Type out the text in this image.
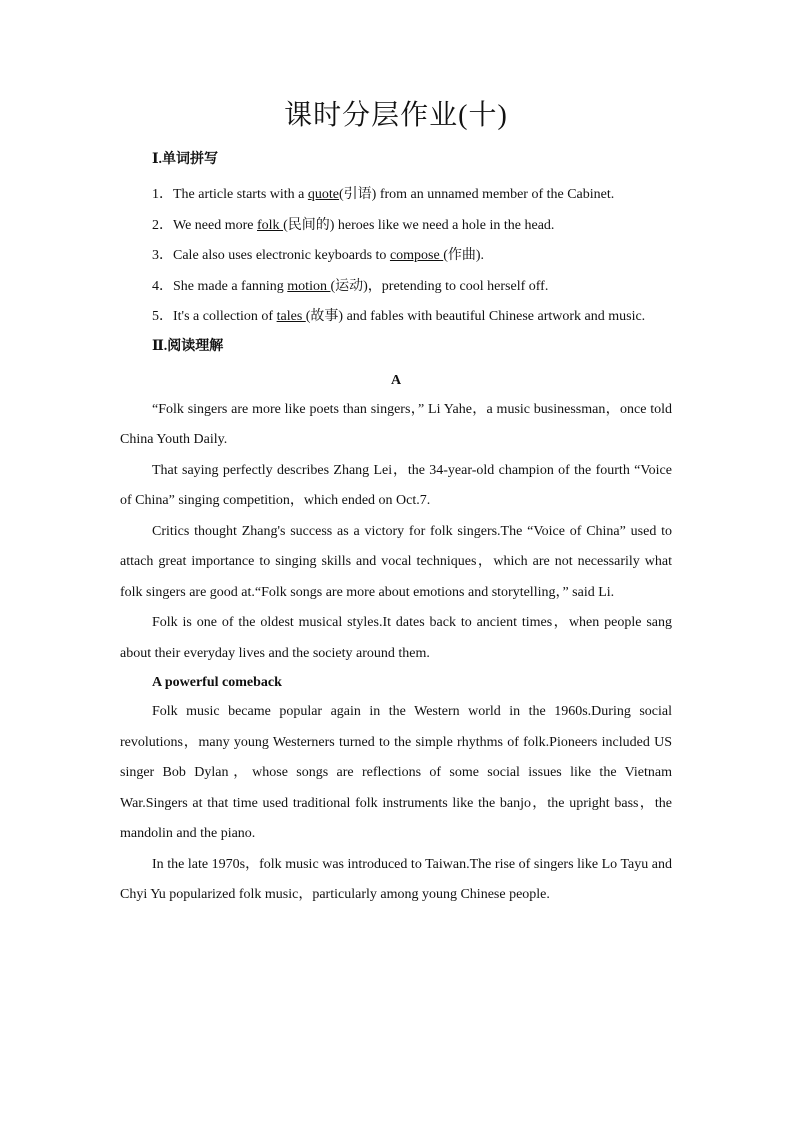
课时分层作业(十)
Ⅰ.单词拼写

1．The article starts with a quote(引语) from an unnamed member of the Cabinet.

2．We need more folk (民间的) heroes like we need a hole in the head.

3．Cale also uses electronic keyboards to compose (作曲).

4．She made a fanning motion (运动)，pretending to cool herself off.

5．It's a collection of tales (故事) and fables with beautiful Chinese artwork and music.

Ⅱ.阅读理解
A

“Folk singers are more like poets than singers，” Li Yahe，a music businessman，once told China Youth Daily.

That saying perfectly describes Zhang Lei，the 34-year-old champion of the fourth “Voice of China” singing competition，which ended on Oct.7.

Critics thought Zhang's success as a victory for folk singers.The “Voice of China” used to attach great importance to singing skills and vocal techniques，which are not necessarily what folk singers are good at.“Folk songs are more about emotions and storytelling，” said Li.

Folk is one of the oldest musical styles.It dates back to ancient times，when people sang about their everyday lives and the society around them.

A powerful comeback

Folk music became popular again in the Western world in the 1960s.During social revolutions，many young Westerners turned to the simple rhythms of folk.Pioneers included US singer Bob Dylan，whose songs are reflections of some social issues like the Vietnam War.Singers at that time used traditional folk instruments like the banjo，the upright bass，the mandolin and the piano.

In the late 1970s，folk music was introduced to Taiwan.The rise of singers like Lo Tayu and Chyi Yu popularized folk music，particularly among young Chinese people.
